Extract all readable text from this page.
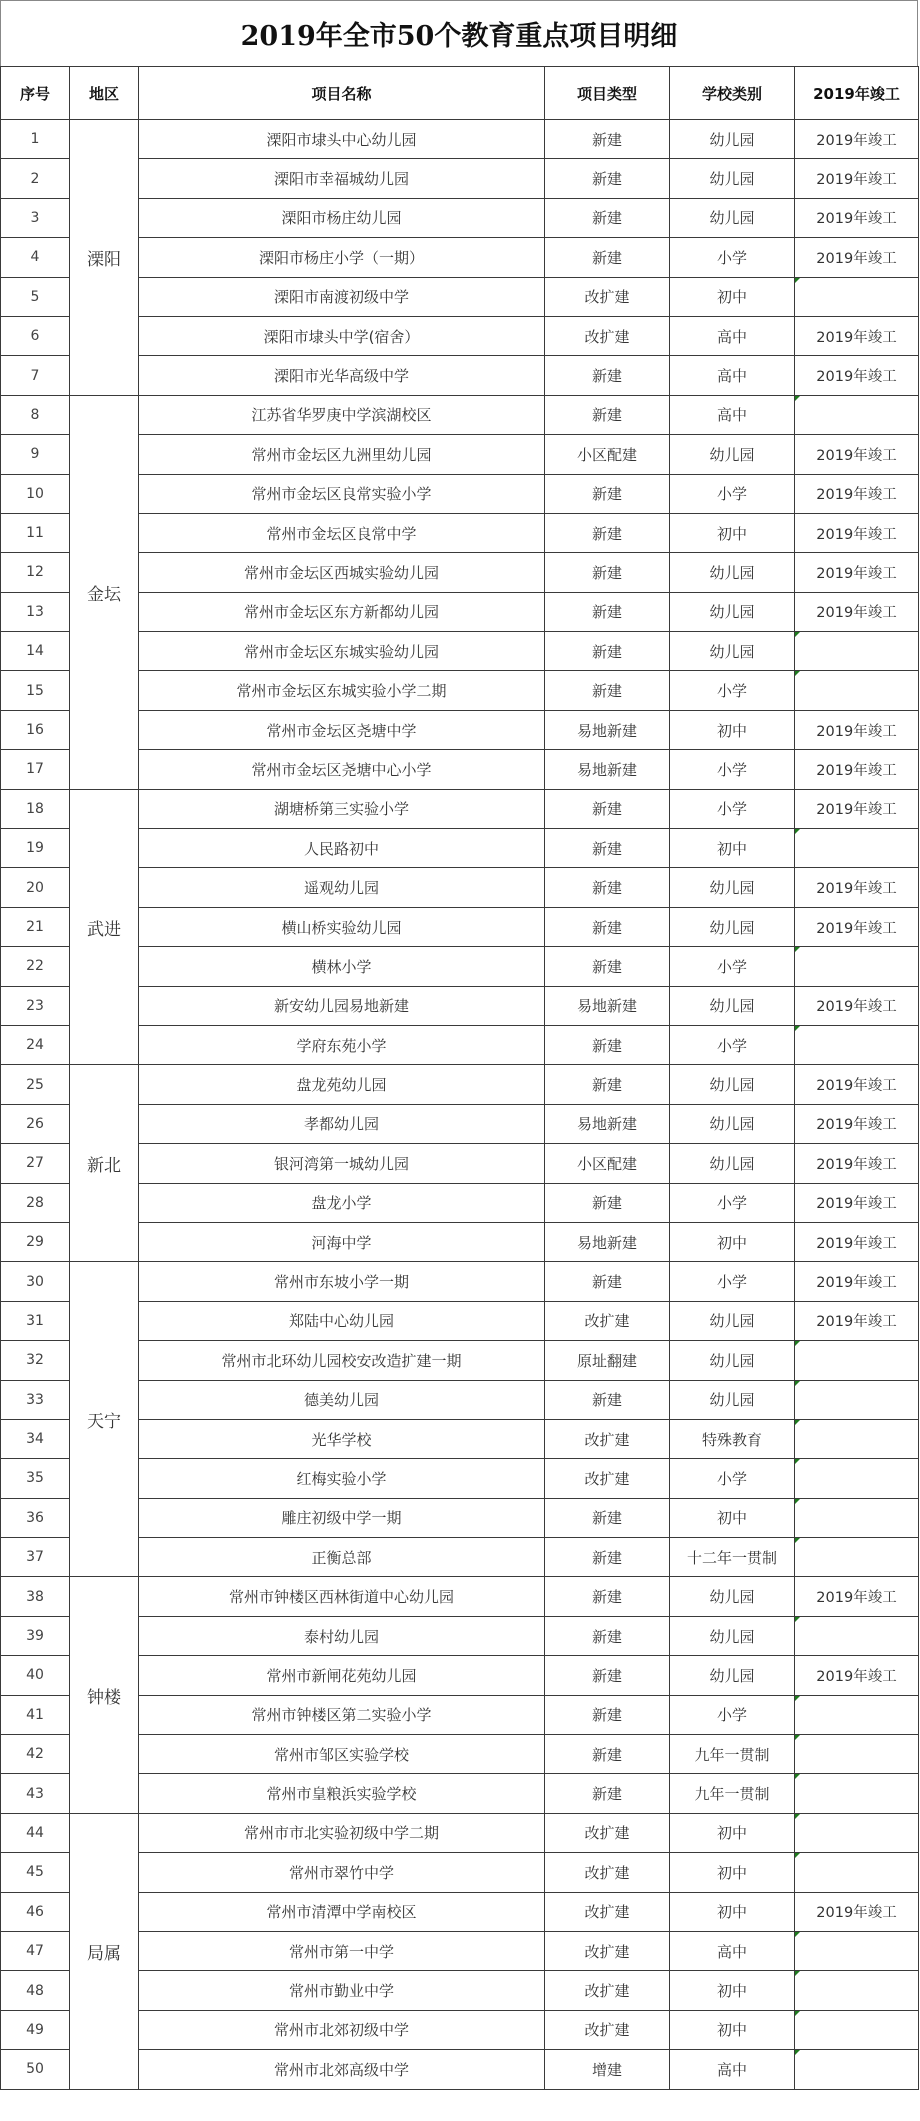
2019年全市50个教育重点项目明细
序号	地区	项目名称	项目类型	学校类别	2019年竣工
1	溧阳	溧阳市埭头中心幼儿园	新建	幼儿园	2019年竣工
2		溧阳市幸福城幼儿园	新建	幼儿园	2019年竣工
3		溧阳市杨庄幼儿园	新建	幼儿园	2019年竣工
4		溧阳市杨庄小学（一期）	新建	小学	2019年竣工
5		溧阳市南渡初级中学	改扩建	初中	
6		溧阳市埭头中学(宿舍）	改扩建	高中	2019年竣工
7		溧阳市光华高级中学	新建	高中	2019年竣工
8	金坛	江苏省华罗庚中学滨湖校区	新建	高中	
9		常州市金坛区九洲里幼儿园	小区配建	幼儿园	2019年竣工
10		常州市金坛区良常实验小学	新建	小学	2019年竣工
11		常州市金坛区良常中学	新建	初中	2019年竣工
12		常州市金坛区西城实验幼儿园	新建	幼儿园	2019年竣工
13		常州市金坛区东方新都幼儿园	新建	幼儿园	2019年竣工
14		常州市金坛区东城实验幼儿园	新建	幼儿园	
15		常州市金坛区东城实验小学二期	新建	小学	
16		常州市金坛区尧塘中学	易地新建	初中	2019年竣工
17		常州市金坛区尧塘中心小学	易地新建	小学	2019年竣工
18	武进	湖塘桥第三实验小学	新建	小学	2019年竣工
19		人民路初中	新建	初中	
20		遥观幼儿园	新建	幼儿园	2019年竣工
21		横山桥实验幼儿园	新建	幼儿园	2019年竣工
22		横林小学	新建	小学	
23		新安幼儿园易地新建	易地新建	幼儿园	2019年竣工
24		学府东苑小学	新建	小学	
25	新北	盘龙苑幼儿园	新建	幼儿园	2019年竣工
26		孝都幼儿园	易地新建	幼儿园	2019年竣工
27		银河湾第一城幼儿园	小区配建	幼儿园	2019年竣工
28		盘龙小学	新建	小学	2019年竣工
29		河海中学	易地新建	初中	2019年竣工
30	天宁	常州市东坡小学一期	新建	小学	2019年竣工
31		郑陆中心幼儿园	改扩建	幼儿园	2019年竣工
32		常州市北环幼儿园校安改造扩建一期	原址翻建	幼儿园	
33		德美幼儿园	新建	幼儿园	
34		光华学校	改扩建	特殊教育	
35		红梅实验小学	改扩建	小学	
36		雕庄初级中学一期	新建	初中	
37		正衡总部	新建	十二年一贯制	
38	钟楼	常州市钟楼区西林街道中心幼儿园	新建	幼儿园	2019年竣工
39		泰村幼儿园	新建	幼儿园	
40		常州市新闸花苑幼儿园	新建	幼儿园	2019年竣工
41		常州市钟楼区第二实验小学	新建	小学	
42		常州市邹区实验学校	新建	九年一贯制	
43		常州市皇粮浜实验学校	新建	九年一贯制	
44	局属	常州市市北实验初级中学二期	改扩建	初中	
45		常州市翠竹中学	改扩建	初中	
46		常州市清潭中学南校区	改扩建	初中	2019年竣工
47		常州市第一中学	改扩建	高中	
48		常州市勤业中学	改扩建	初中	
49		常州市北郊初级中学	改扩建	初中	
50		常州市北郊高级中学	增建	高中	
